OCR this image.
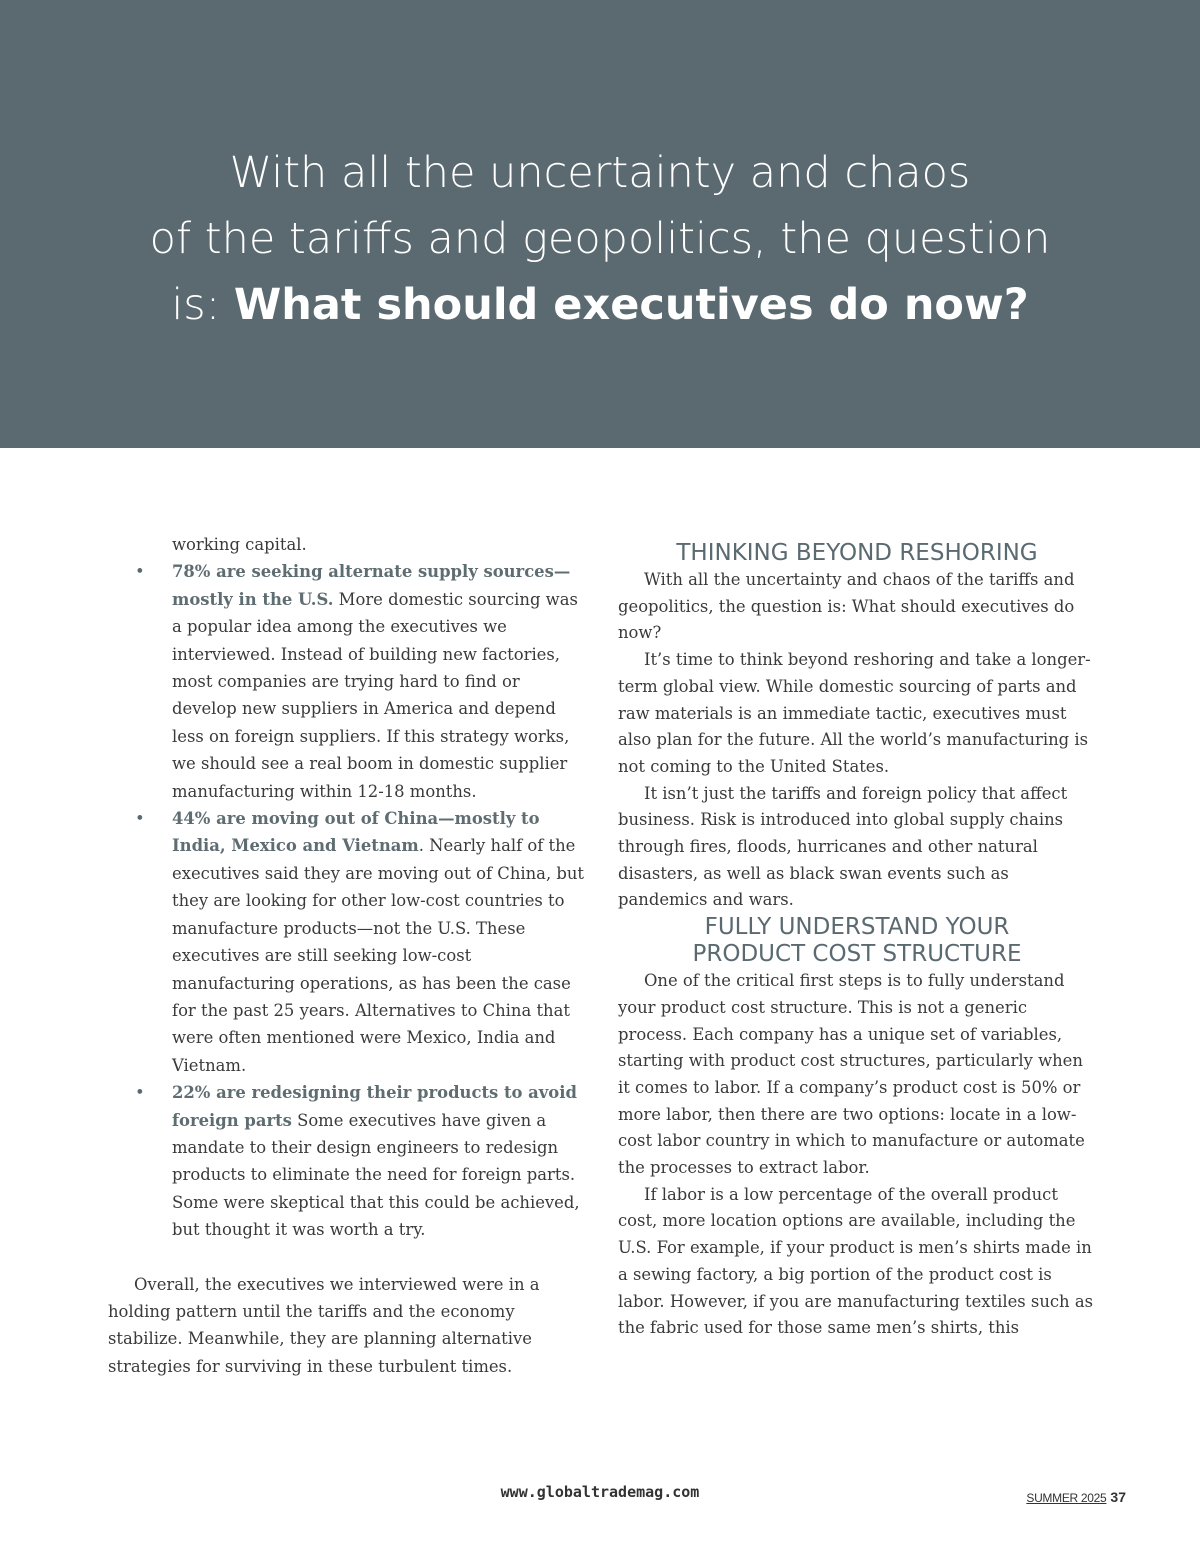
With all the uncertainty and chaos
of the tariffs and geopolitics, the question
is: What should executives do now?

working capital.

• 78% are seeking alternate supply sources—mostly in the U.S. More domestic sourcing was a popular idea among the executives we interviewed. Instead of building new factories, most companies are trying hard to find or develop new suppliers in America and depend less on foreign suppliers. If this strategy works, we should see a real boom in domestic supplier manufacturing within 12-18 months.
• 44% are moving out of China—mostly to India, Mexico and Vietnam. Nearly half of the executives said they are moving out of China, but they are looking for other low-cost countries to manufacture products—not the U.S. These executives are still seeking low-cost manufacturing operations, as has been the case for the past 25 years. Alternatives to China that were often mentioned were Mexico, India and Vietnam.
• 22% are redesigning their products to avoid foreign parts Some executives have given a mandate to their design engineers to redesign products to eliminate the need for foreign parts. Some were skeptical that this could be achieved, but thought it was worth a try.

Overall, the executives we interviewed were in a holding pattern until the tariffs and the economy stabilize. Meanwhile, they are planning alternative strategies for surviving in these turbulent times.

THINKING BEYOND RESHORING

With all the uncertainty and chaos of the tariffs and geopolitics, the question is: What should executives do now?

It’s time to think beyond reshoring and take a longer-term global view. While domestic sourcing of parts and raw materials is an immediate tactic, executives must also plan for the future. All the world’s manufacturing is not coming to the United States.

It isn’t just the tariffs and foreign policy that affect business. Risk is introduced into global supply chains through fires, floods, hurricanes and other natural disasters, as well as black swan events such as pandemics and wars.

FULLY UNDERSTAND YOUR
PRODUCT COST STRUCTURE

One of the critical first steps is to fully understand your product cost structure. This is not a generic process. Each company has a unique set of variables, starting with product cost structures, particularly when it comes to labor. If a company’s product cost is 50% or more labor, then there are two options: locate in a low-cost labor country in which to manufacture or automate the processes to extract labor.

If labor is a low percentage of the overall product cost, more location options are available, including the U.S. For example, if your product is men’s shirts made in a sewing factory, a big portion of the product cost is labor. However, if you are manufacturing textiles such as the fabric used for those same men’s shirts, this

www.globaltrademag.com	SUMMER 2025 37
